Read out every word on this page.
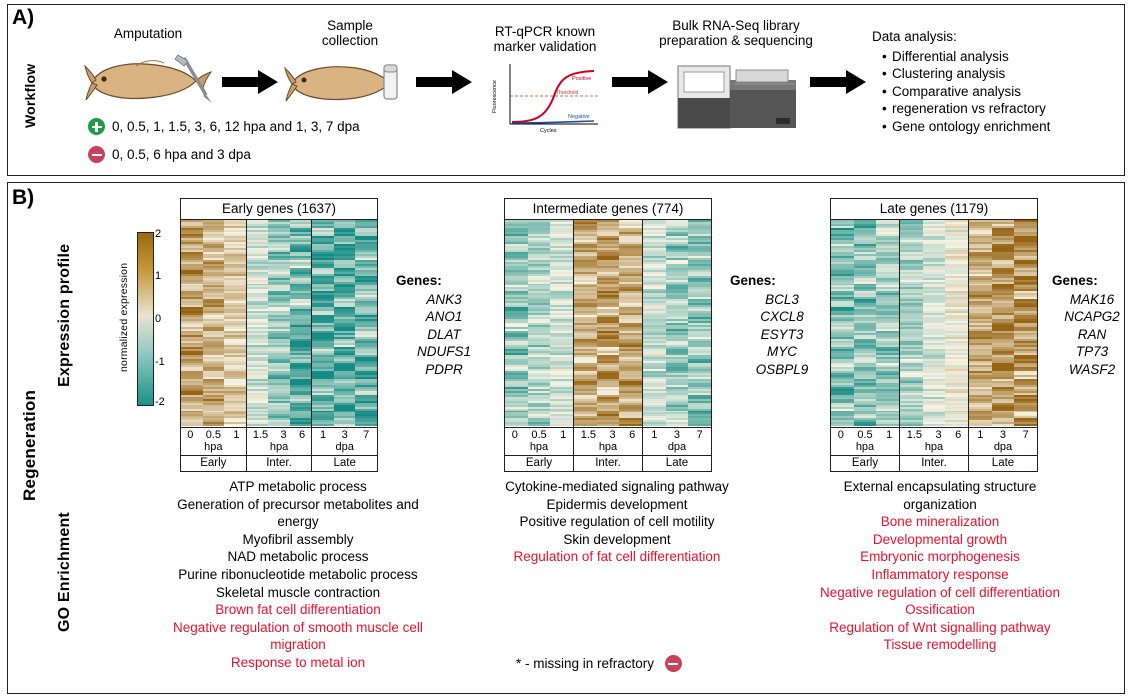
A)
Workflow
Amputation
Sample
collection
RT-qPCR known
marker validation
Positive
Threshold
Negative
Fluorescence
Cycles
Bulk RNA-Seq library
preparation & sequencing
0, 0.5, 1, 1.5, 3, 6, 12 hpa and 1, 3, 7 dpa
0, 0.5, 6 hpa and 3 dpa
Data analysis:
• Differential analysis
• Clustering analysis
• Comparative analysis
• regeneration vs refractory
• Gene ontology enrichment
B)
Regeneration
Expression profile
GO Enrichment
normalized expression
2
1
0
-1
-2
Early genes (1637)
0 0.5 1
hpa
1.5 3 6
hpa
1 3 7
dpa
Early	Inter.	Late
Genes:
ANK3
ANO1
DLAT
NDUFS1
PDPR
Intermediate genes (774)
0 0.5 1
hpa
1.5 3 6
hpa
1 3 7
dpa
Early	Inter.	Late
Genes:
BCL3
CXCL8
ESYT3
MYC
OSBPL9
Late genes (1179)
0 0.5 1
hpa
1.5 3 6
hpa
1 3 7
dpa
Early	Inter.	Late
Genes:
MAK16
NCAPG2
RAN
TP73
WASF2
ATP metabolic process
Generation of precursor metabolites and
energy
Myofibril assembly
NAD metabolic process
Purine ribonucleotide metabolic process
Skeletal muscle contraction
Brown fat cell differentiation
Negative regulation of smooth muscle cell
migration
Response to metal ion
Cytokine-mediated signaling pathway
Epidermis development
Positive regulation of cell motility
Skin development
Regulation of fat cell differentiation
External encapsulating structure
organization
Bone mineralization
Developmental growth
Embryonic morphogenesis
Inflammatory response
Negative regulation of cell differentiation
Ossification
Regulation of Wnt signalling pathway
Tissue remodelling
* - missing in refractory
